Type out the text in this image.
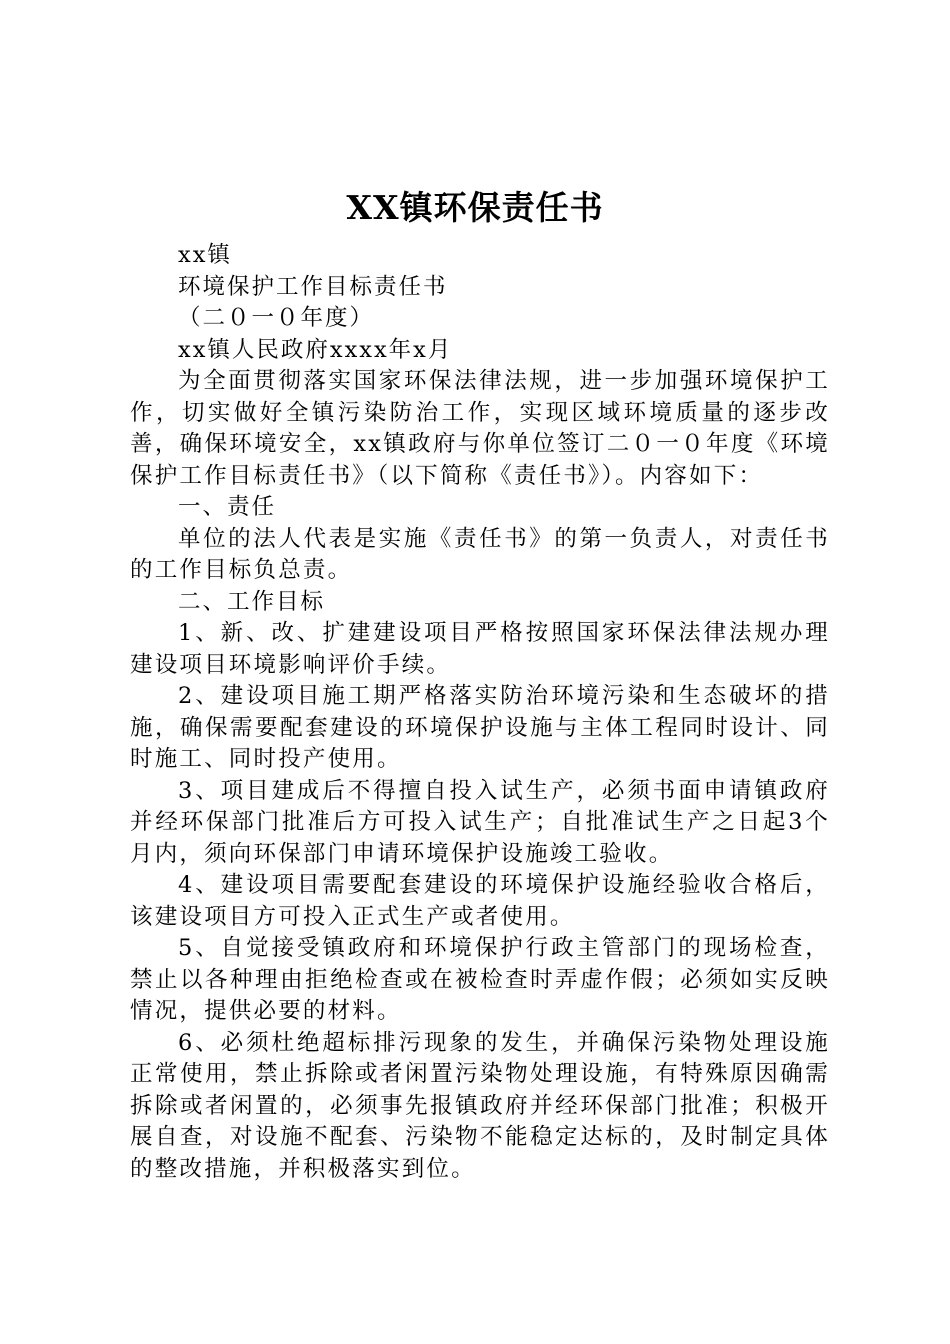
XX镇环保责任书
xx镇
环境保护工作目标责任书
（二０一０年度）
xx镇人民政府xxxx年x月

为全面贯彻落实国家环保法律法规，进一步加强环境保护工作，切实做好全镇污染防治工作，实现区域环境质量的逐步改善，确保环境安全，xx镇政府与你单位签订二０一０年度《环境保护工作目标责任书》（以下简称《责任书》）。内容如下：

一、责任

单位的法人代表是实施《责任书》的第一负责人，对责任书的工作目标负总责。

二、工作目标

1、新、改、扩建建设项目严格按照国家环保法律法规办理建设项目环境影响评价手续。

2、建设项目施工期严格落实防治环境污染和生态破坏的措施，确保需要配套建设的环境保护设施与主体工程同时设计、同时施工、同时投产使用。

3、项目建成后不得擅自投入试生产，必须书面申请镇政府并经环保部门批准后方可投入试生产；自批准试生产之日起3个月内，须向环保部门申请环境保护设施竣工验收。

4、建设项目需要配套建设的环境保护设施经验收合格后，该建设项目方可投入正式生产或者使用。

5、自觉接受镇政府和环境保护行政主管部门的现场检查，禁止以各种理由拒绝检查或在被检查时弄虚作假；必须如实反映情况，提供必要的材料。

6、必须杜绝超标排污现象的发生，并确保污染物处理设施正常使用，禁止拆除或者闲置污染物处理设施，有特殊原因确需拆除或者闲置的，必须事先报镇政府并经环保部门批准；积极开展自查，对设施不配套、污染物不能稳定达标的，及时制定具体的整改措施，并积极落实到位。
